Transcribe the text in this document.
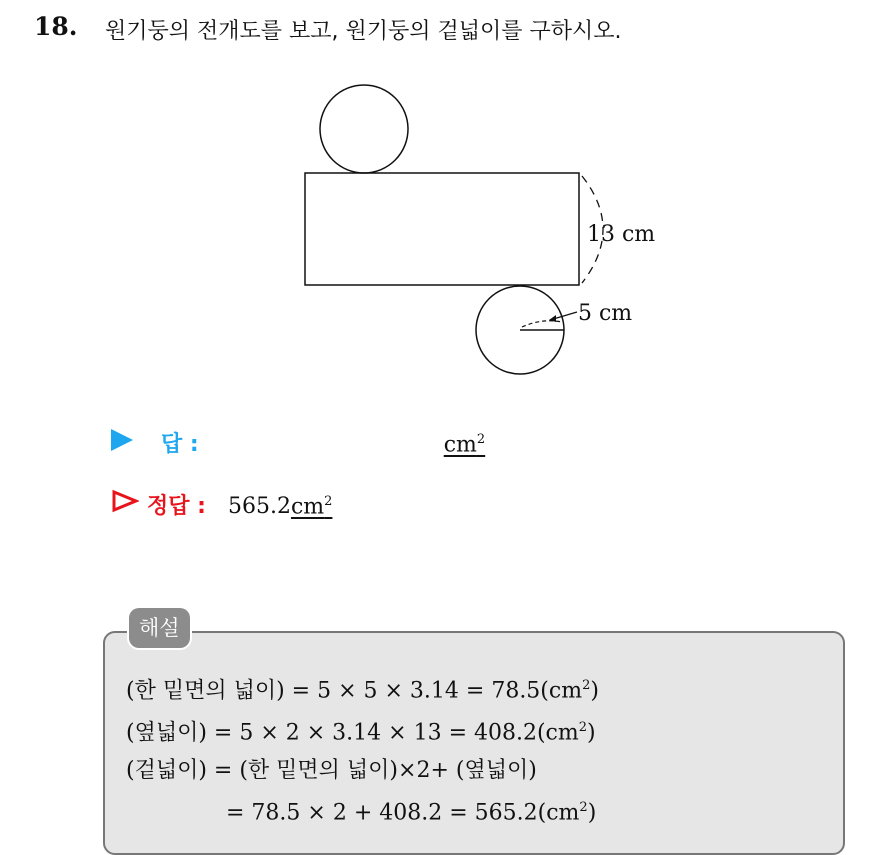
18. 원기둥의 전개도를 보고, 원기둥의 겉넓이를 구하시오.
13 cm
5 cm
답 :	$cm^2$
정답 : 565.2 $cm^2$
해설
(한 밑면의 넓이) = $5 \times 5 \times 3.14 = 78.5(cm^2)$
(옆넓이) = $5 \times 2 \times 3.14 \times 13 = 408.2(cm^2)$
(겉넓이) = (한 밑면의 넓이)×2+ (옆넓이)
= $78.5 \times 2 + 408.2 = 565.2(cm^2)$
